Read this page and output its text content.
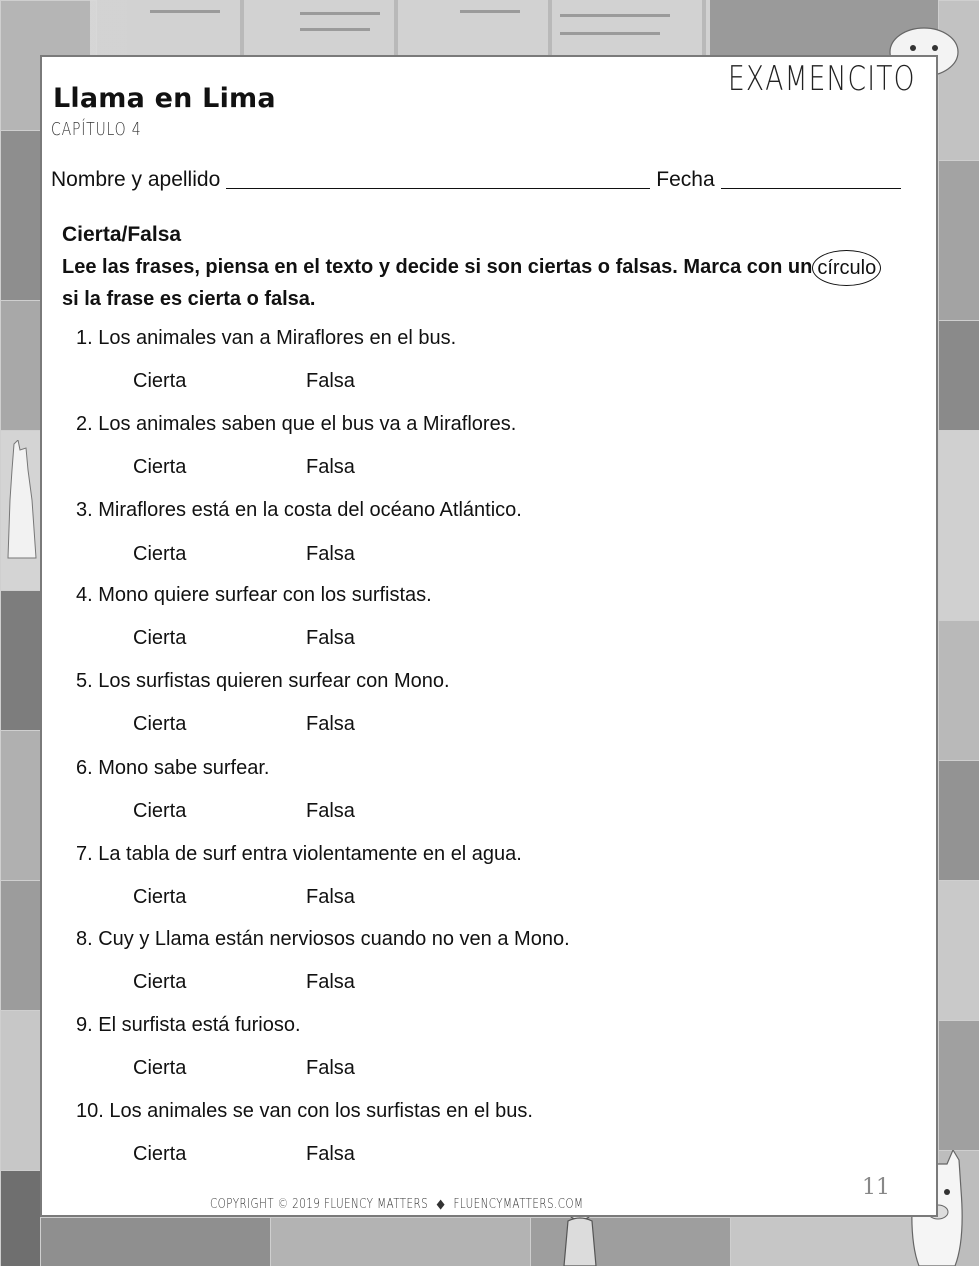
Llama en Lima
CAPÍTULO 4
EXAMENCITO
Nombre y apellido	Fecha
Cierta/Falsa
Lee las frases, piensa en el texto y decide si son ciertas o falsas. Marca con un círculo
si la frase es cierta o falsa.
1. Los animales van a Miraflores en el bus.
Cierta	Falsa
2. Los animales saben que el bus va a Miraflores.
Cierta	Falsa
3. Miraflores está en la costa del océano Atlántico.
Cierta	Falsa
4. Mono quiere surfear con los surfistas.
Cierta	Falsa
5. Los surfistas quieren surfear con Mono.
Cierta	Falsa
6. Mono sabe surfear.
Cierta	Falsa
7. La tabla de surf entra violentamente en el agua.
Cierta	Falsa
8. Cuy y Llama están nerviosos cuando no ven a Mono.
Cierta	Falsa
9. El surfista está furioso.
Cierta	Falsa
10. Los animales se van con los surfistas en el bus.
Cierta	Falsa
11
COPYRIGHT © 2019 FLUENCY MATTERS ◆ FLUENCYMATTERS.COM
